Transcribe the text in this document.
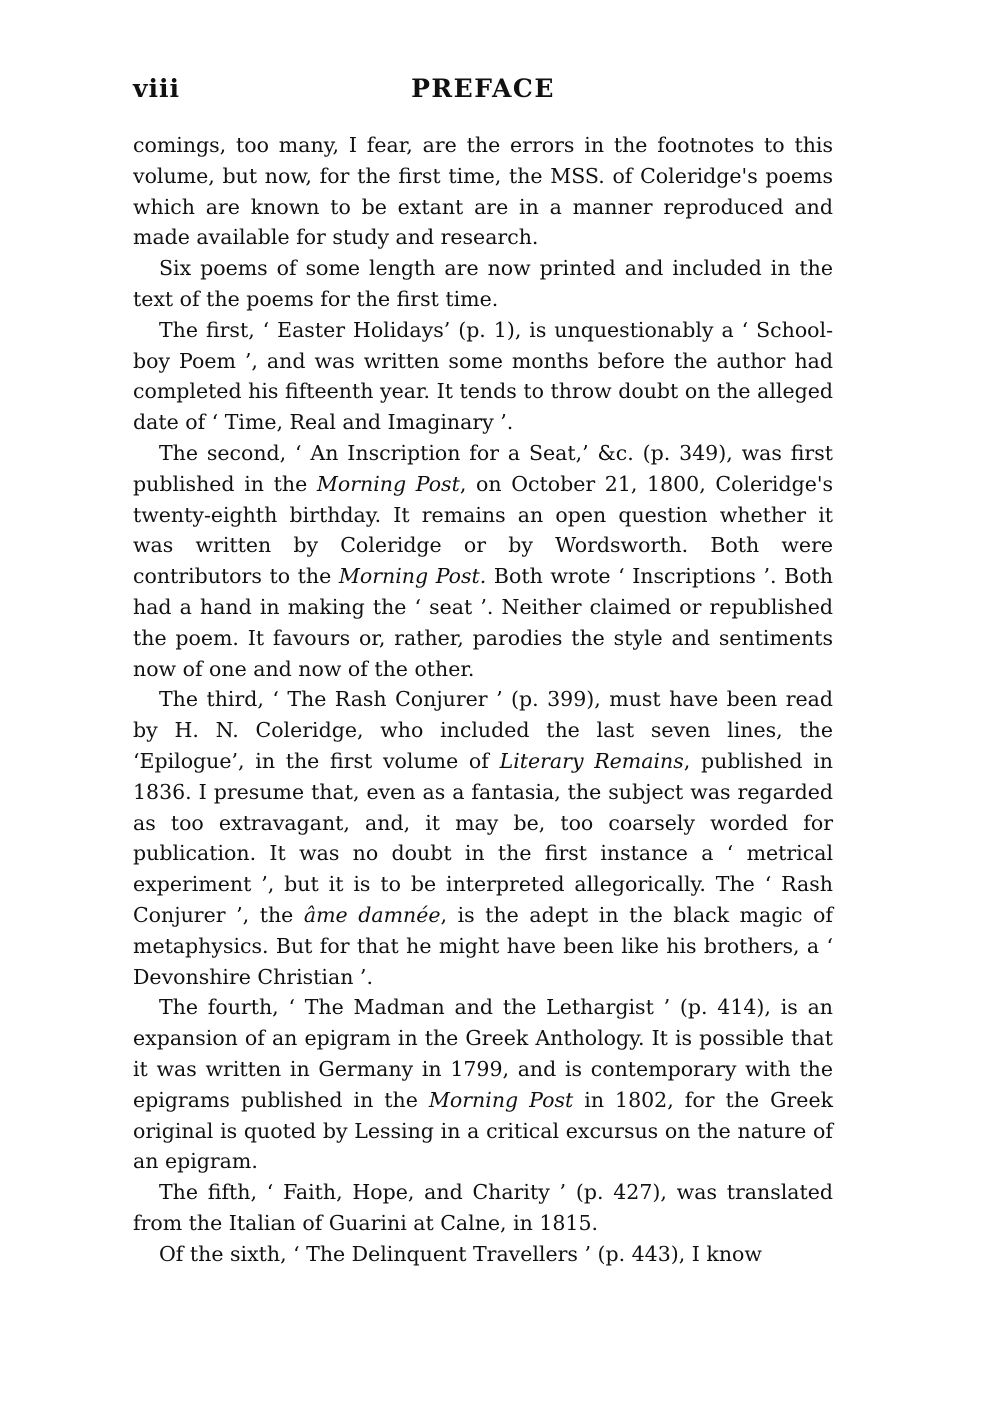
viii	PREFACE

comings, too many, I fear, are the errors in the footnotes to this volume, but now, for the first time, the MSS. of Coleridge's poems which are known to be extant are in a manner reproduced and made available for study and research.

Six poems of some length are now printed and included in the text of the poems for the first time.

The first, ‘ Easter Holidays’ (p. 1), is unquestionably a ‘ School-boy Poem ’, and was written some months before the author had completed his fifteenth year. It tends to throw doubt on the alleged date of ‘ Time, Real and Imaginary ’.

The second, ‘ An Inscription for a Seat,’ &c. (p. 349), was first published in the Morning Post, on October 21, 1800, Coleridge's twenty-eighth birthday. It remains an open question whether it was written by Coleridge or by Wordsworth. Both were contributors to the Morning Post. Both wrote ‘ Inscriptions ’. Both had a hand in making the ‘ seat ’. Neither claimed or republished the poem. It favours or, rather, parodies the style and sentiments now of one and now of the other.

The third, ‘ The Rash Conjurer ’ (p. 399), must have been read by H. N. Coleridge, who included the last seven lines, the ‘Epilogue’, in the first volume of Literary Remains, published in 1836. I presume that, even as a fantasia, the subject was regarded as too extravagant, and, it may be, too coarsely worded for publication. It was no doubt in the first instance a ‘ metrical experiment ’, but it is to be interpreted allegorically. The ‘ Rash Conjurer ’, the âme damnée, is the adept in the black magic of metaphysics. But for that he might have been like his brothers, a ‘ Devonshire Christian ’.

The fourth, ‘ The Madman and the Lethargist ’ (p. 414), is an expansion of an epigram in the Greek Anthology. It is possible that it was written in Germany in 1799, and is contemporary with the epigrams published in the Morning Post in 1802, for the Greek original is quoted by Lessing in a critical excursus on the nature of an epigram.

The fifth, ‘ Faith, Hope, and Charity ’ (p. 427), was translated from the Italian of Guarini at Calne, in 1815.

Of the sixth, ‘ The Delinquent Travellers ’ (p. 443), I know
